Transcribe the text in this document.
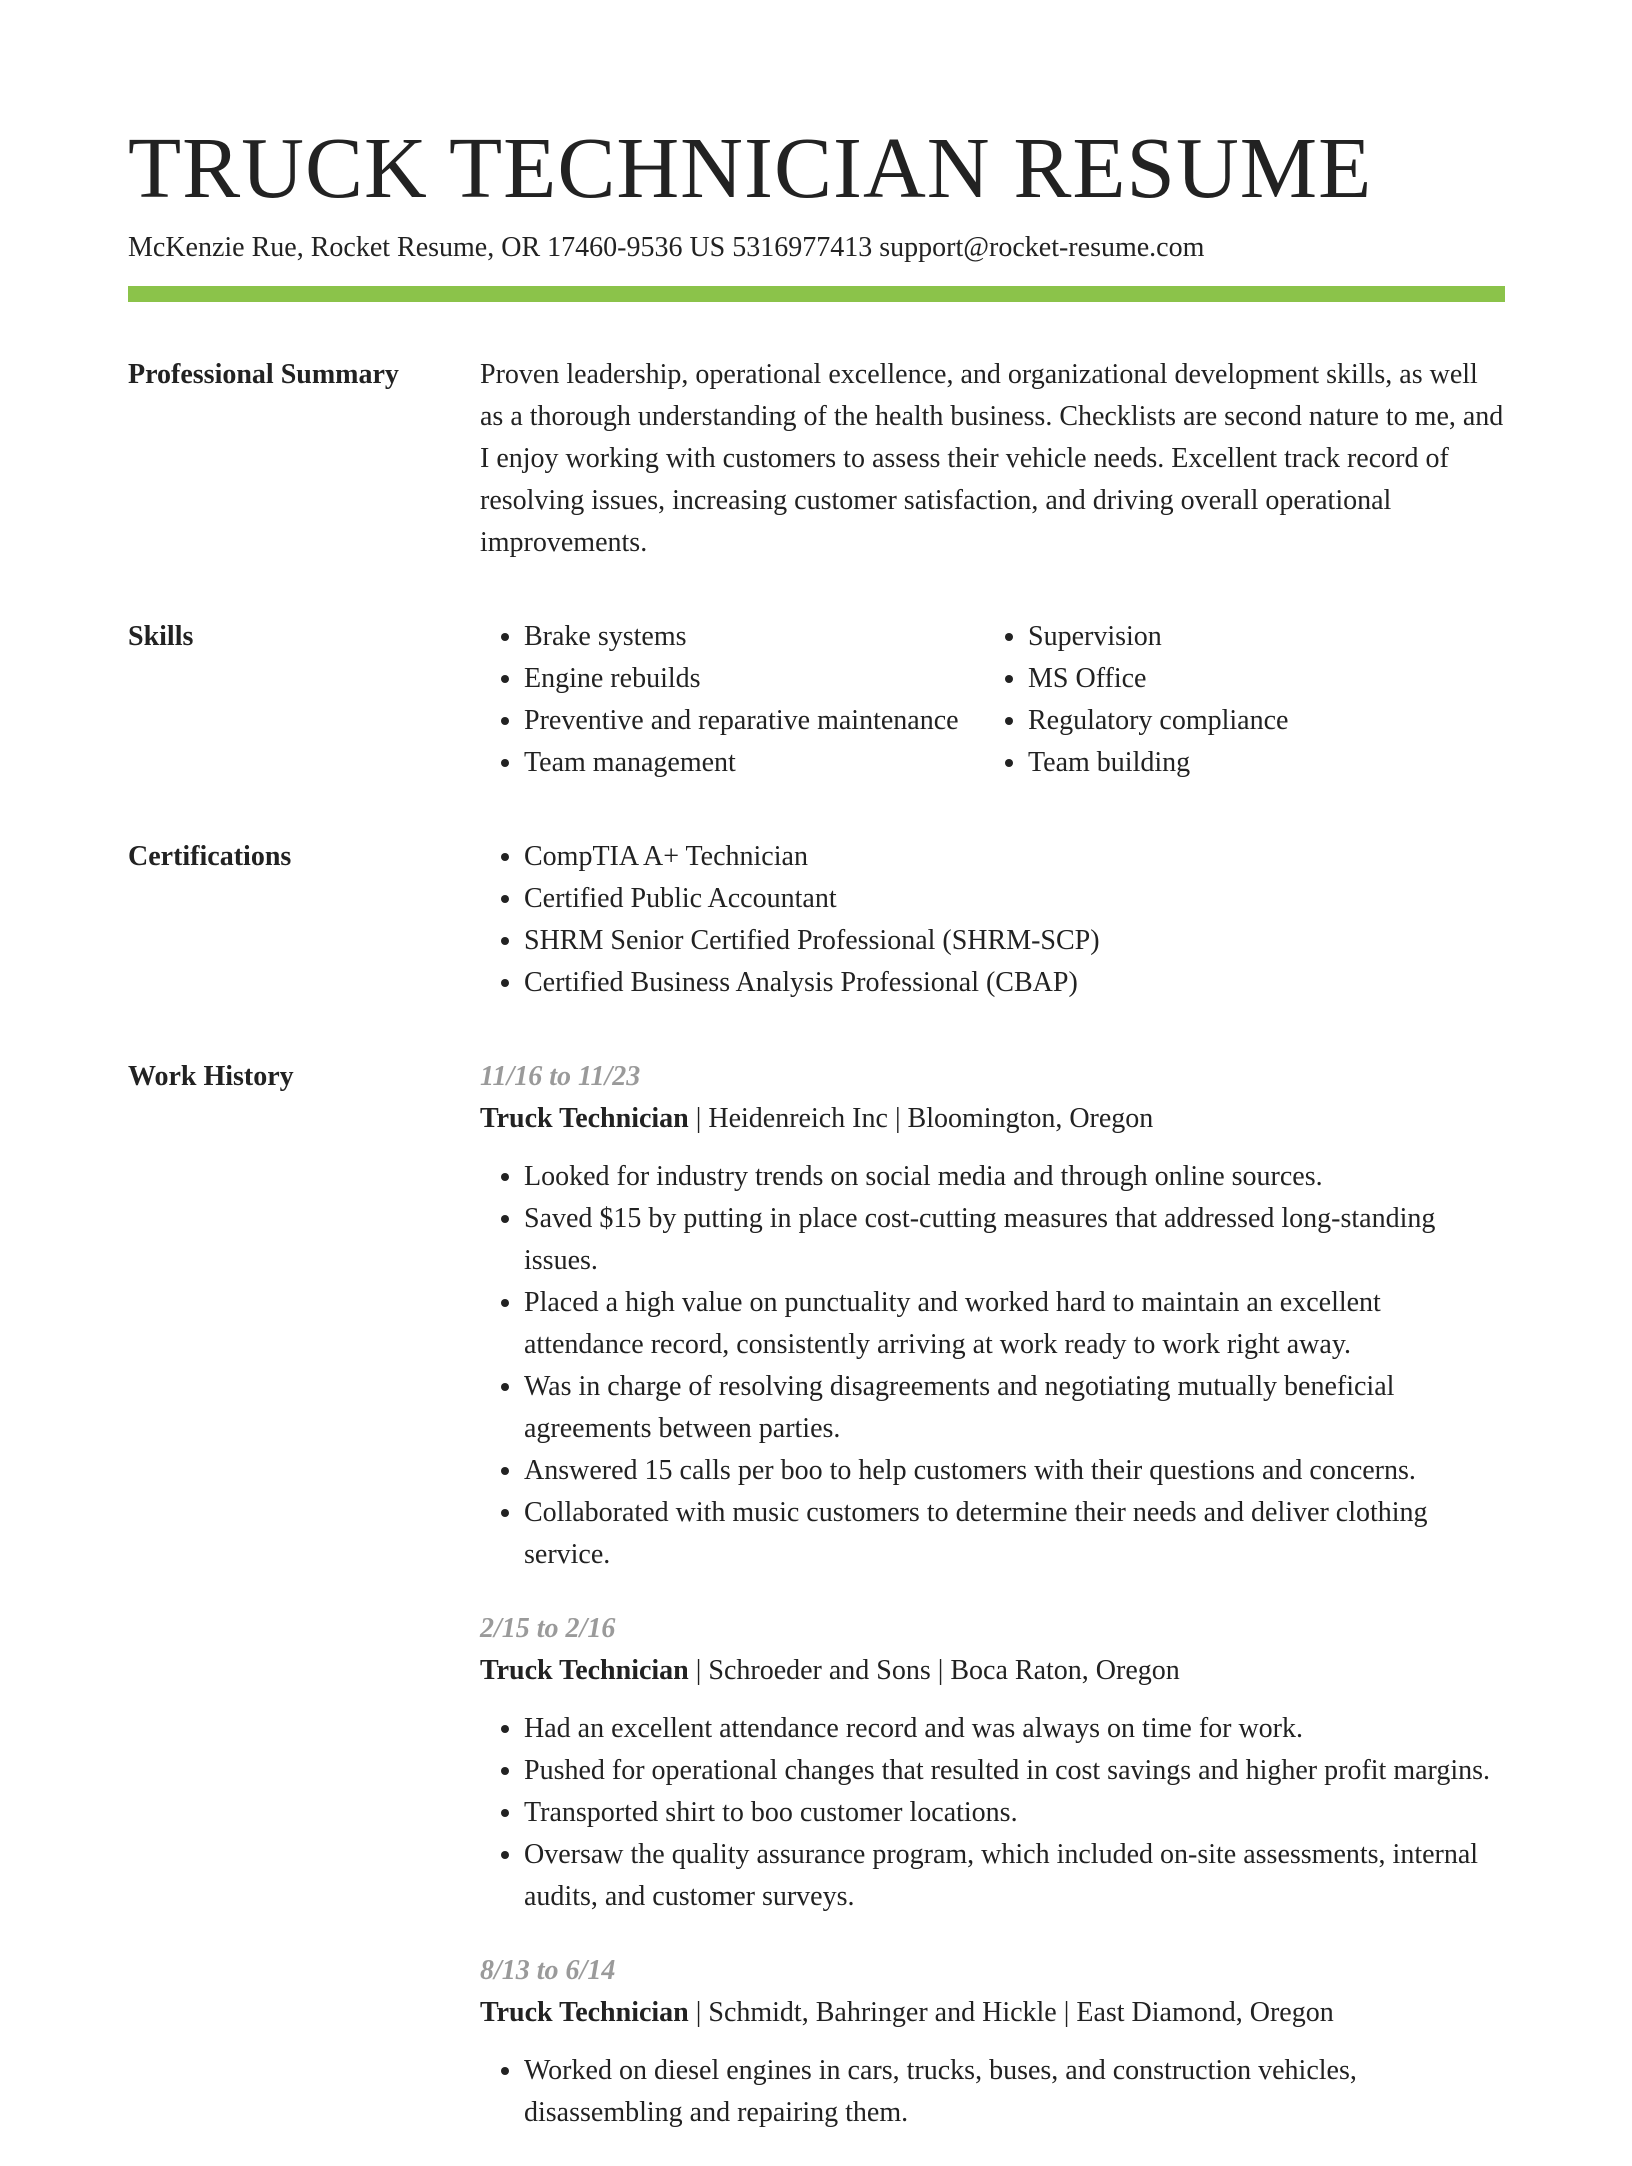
TRUCK TECHNICIAN RESUME
McKenzie Rue, Rocket Resume, OR 17460-9536 US 5316977413 support@rocket-resume.com
Professional Summary	Proven leadership, operational excellence, and organizational development skills, as well as a thorough understanding of the health business. Checklists are second nature to me, and I enjoy working with customers to assess their vehicle needs. Excellent track record of resolving issues, increasing customer satisfaction, and driving overall operational improvements.

Skills	• Brake systems
• Engine rebuilds
• Preventive and reparative maintenance
• Team management
• Supervision
• MS Office
• Regulatory compliance
• Team building
Certifications	• CompTIA A+ Technician
• Certified Public Accountant
• SHRM Senior Certified Professional (SHRM-SCP)
• Certified Business Analysis Professional (CBAP)
Work History	11/16 to 11/23
Truck Technician | Heidenreich Inc | Bloomington, Oregon
• Looked for industry trends on social media and through online sources.
• Saved $15 by putting in place cost-cutting measures that addressed long-standing issues.
• Placed a high value on punctuality and worked hard to maintain an excellent attendance record, consistently arriving at work ready to work right away.
• Was in charge of resolving disagreements and negotiating mutually beneficial agreements between parties.
• Answered 15 calls per boo to help customers with their questions and concerns.
• Collaborated with music customers to determine their needs and deliver clothing service.
2/15 to 2/16
Truck Technician | Schroeder and Sons | Boca Raton, Oregon
• Had an excellent attendance record and was always on time for work.
• Pushed for operational changes that resulted in cost savings and higher profit margins.
• Transported shirt to boo customer locations.
• Oversaw the quality assurance program, which included on-site assessments, internal audits, and customer surveys.
8/13 to 6/14
Truck Technician | Schmidt, Bahringer and Hickle | East Diamond, Oregon
• Worked on diesel engines in cars, trucks, buses, and construction vehicles, disassembling and repairing them.
